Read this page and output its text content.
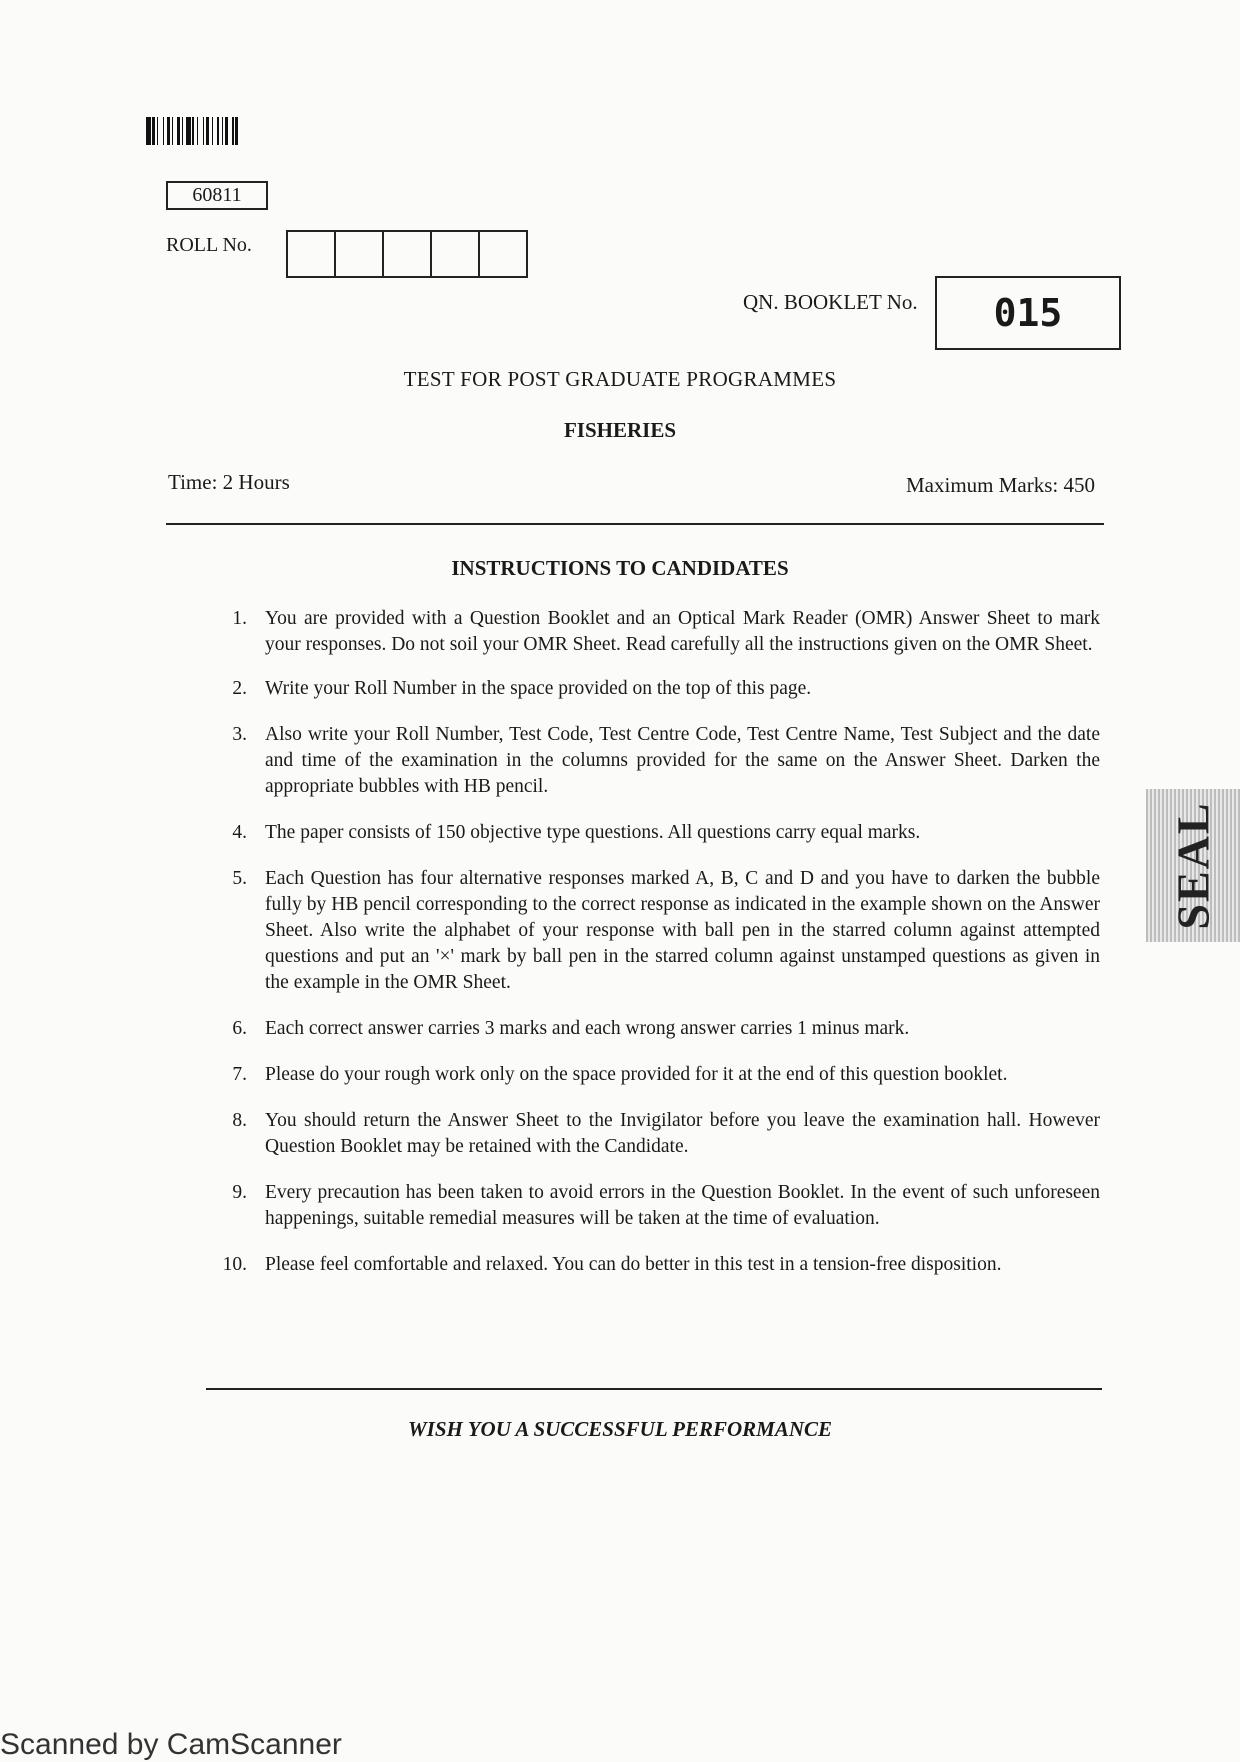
60811
ROLL No.
QN. BOOKLET No.	015
TEST FOR POST GRADUATE PROGRAMMES
FISHERIES
Time: 2 Hours	Maximum Marks: 450
INSTRUCTIONS TO CANDIDATES
1. You are provided with a Question Booklet and an Optical Mark Reader (OMR) Answer Sheet to mark your responses. Do not soil your OMR Sheet. Read carefully all the instructions given on the OMR Sheet.
2. Write your Roll Number in the space provided on the top of this page.
3. Also write your Roll Number, Test Code, Test Centre Code, Test Centre Name, Test Subject and the date and time of the examination in the columns provided for the same on the Answer Sheet. Darken the appropriate bubbles with HB pencil.
4. The paper consists of 150 objective type questions. All questions carry equal marks.
5. Each Question has four alternative responses marked A, B, C and D and you have to darken the bubble fully by HB pencil corresponding to the correct response as indicated in the example shown on the Answer Sheet. Also write the alphabet of your response with ball pen in the starred column against attempted questions and put an '×' mark by ball pen in the starred column against unstamped questions as given in the example in the OMR Sheet.
6. Each correct answer carries 3 marks and each wrong answer carries 1 minus mark.
7. Please do your rough work only on the space provided for it at the end of this question booklet.
8. You should return the Answer Sheet to the Invigilator before you leave the examination hall. However Question Booklet may be retained with the Candidate.
9. Every precaution has been taken to avoid errors in the Question Booklet. In the event of such unforeseen happenings, suitable remedial measures will be taken at the time of evaluation.
10. Please feel comfortable and relaxed. You can do better in this test in a tension-free disposition.
WISH YOU A SUCCESSFUL PERFORMANCE
SEAL
Scanned by CamScanner
